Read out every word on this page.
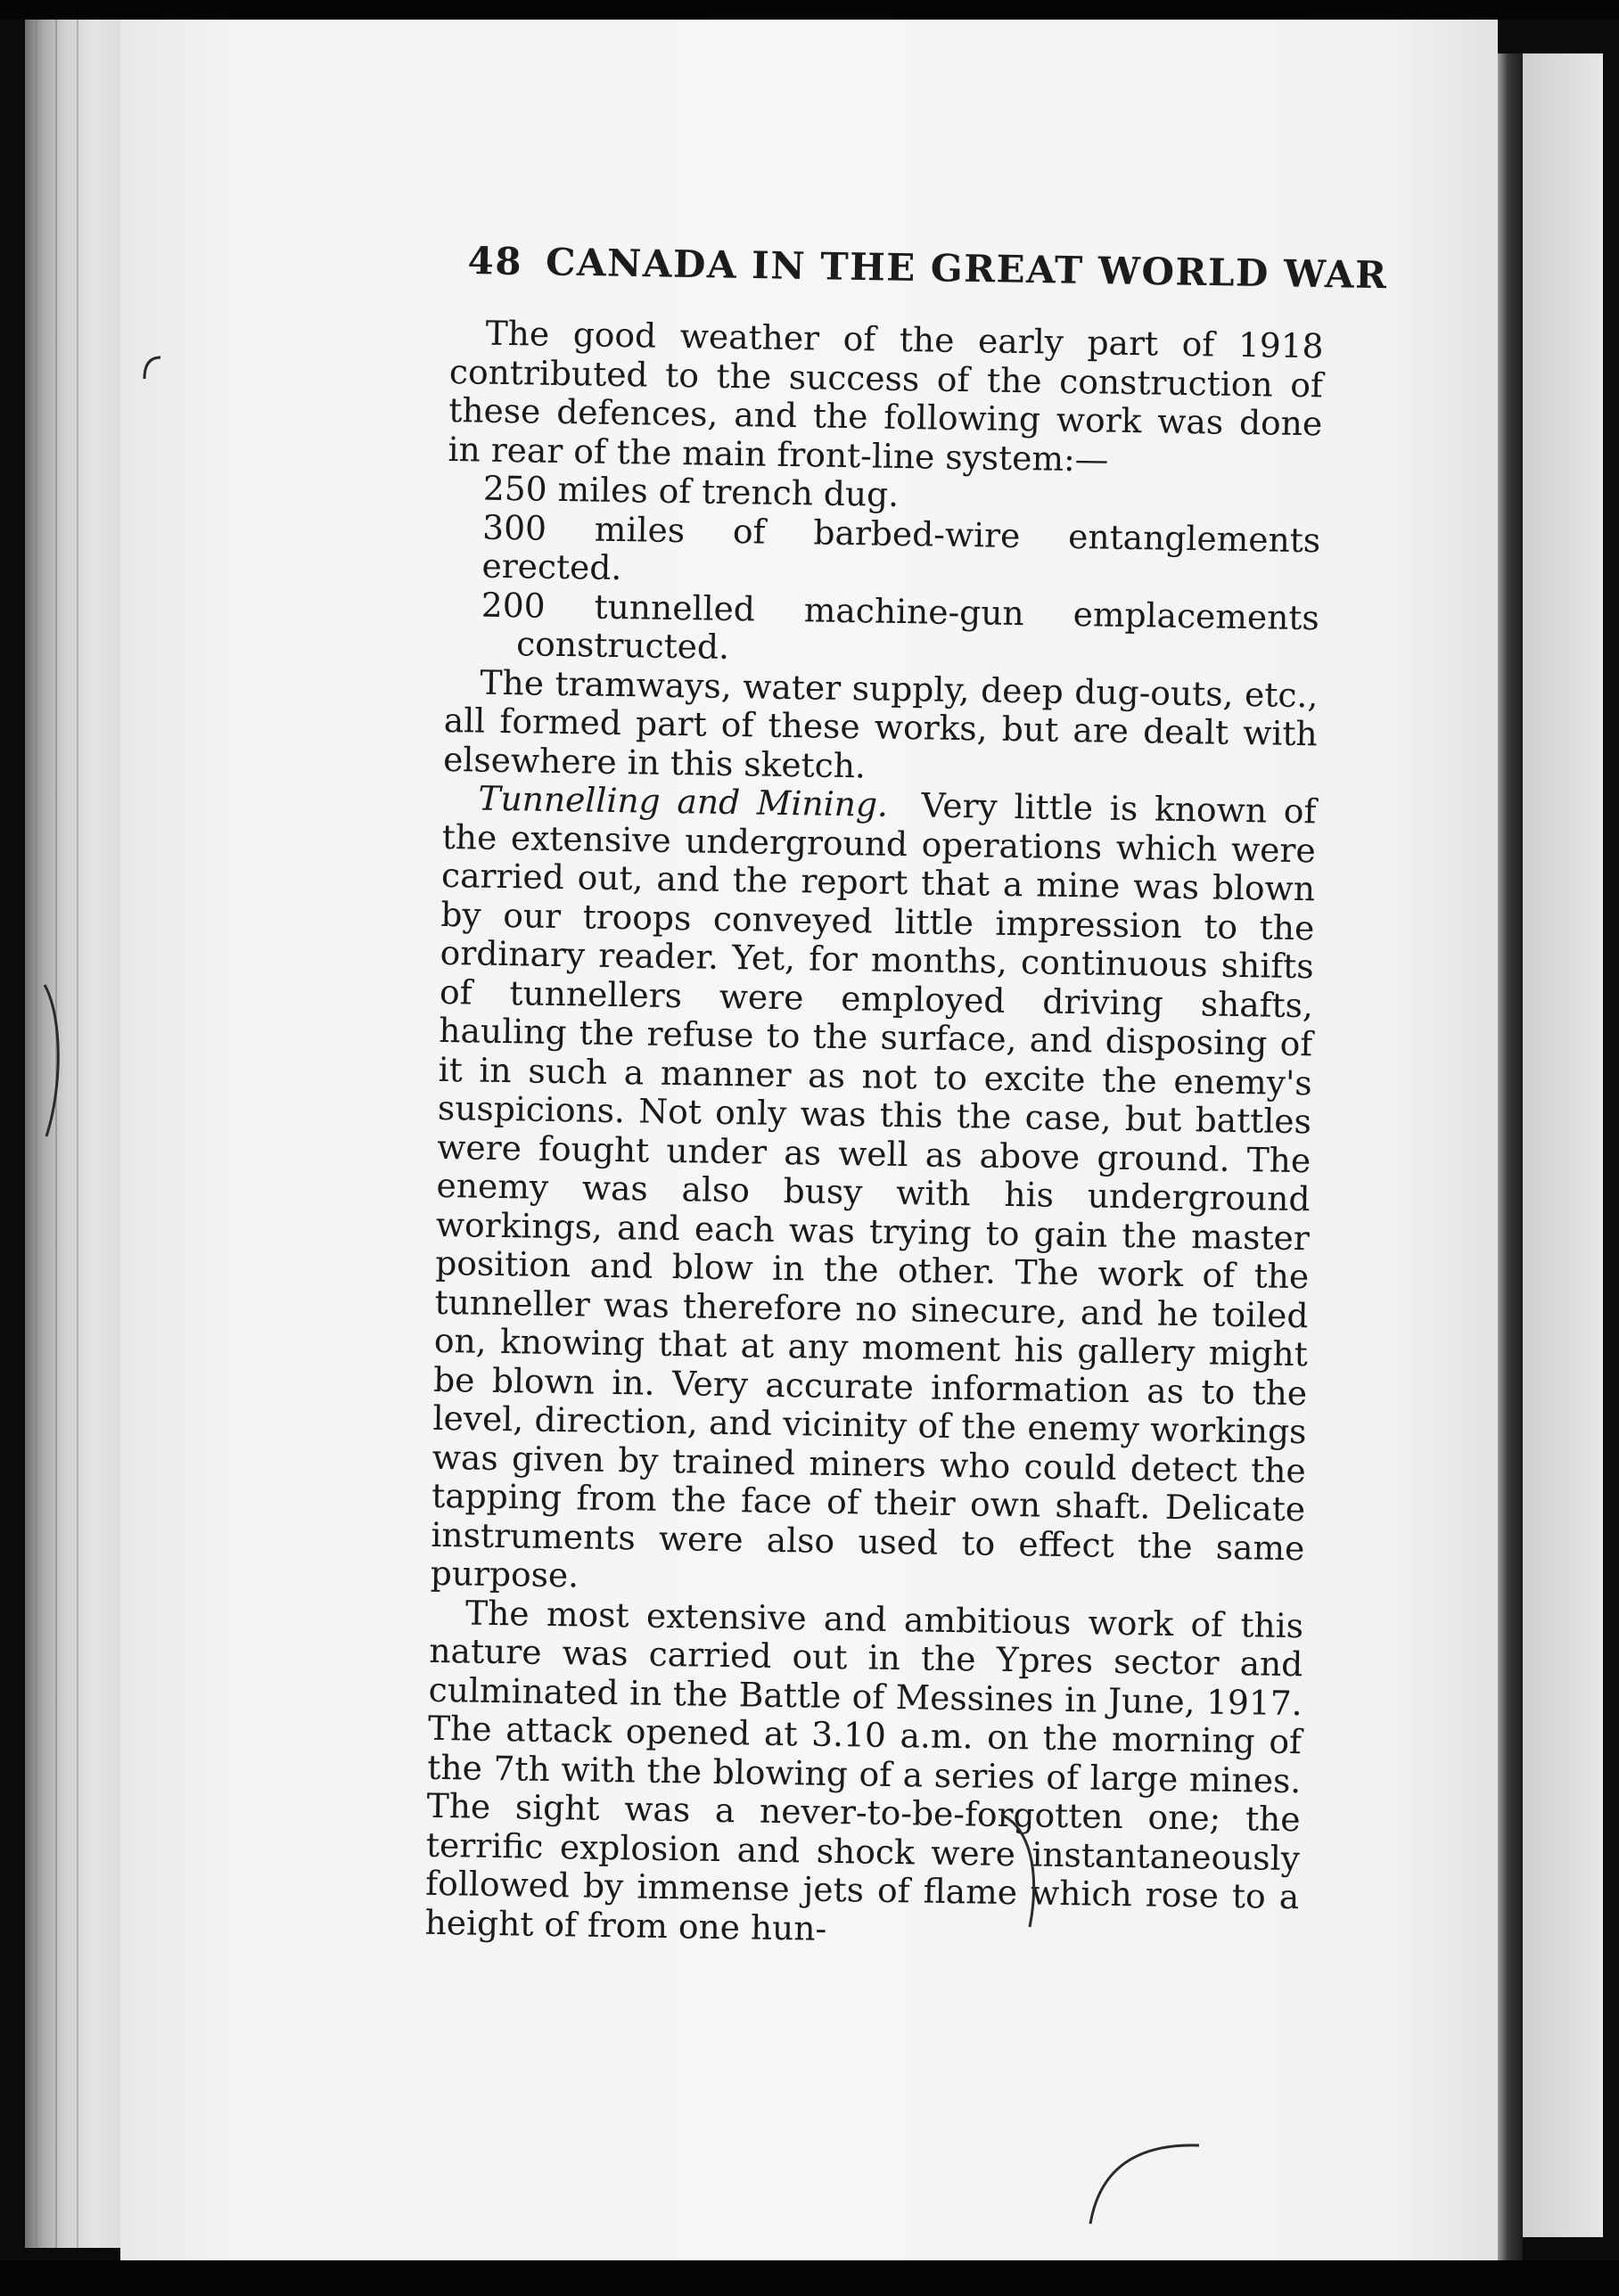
48 CANADA IN THE GREAT WORLD WAR

The good weather of the early part of 1918 contributed to the success of the construction of these defences, and the following work was done in rear of the main front-line system:—

250 miles of trench dug.

300 miles of barbed-wire entanglements erected.

200 tunnelled machine-gun emplacements constructed.

The tramways, water supply, deep dug-outs, etc., all formed part of these works, but are dealt with elsewhere in this sketch.

Tunnelling and Mining. Very little is known of the extensive underground operations which were carried out, and the report that a mine was blown by our troops conveyed little impression to the ordinary reader. Yet, for months, continuous shifts of tunnellers were employed driving shafts, hauling the refuse to the surface, and disposing of it in such a manner as not to excite the enemy's suspicions. Not only was this the case, but battles were fought under as well as above ground. The enemy was also busy with his underground workings, and each was trying to gain the master position and blow in the other. The work of the tunneller was therefore no sinecure, and he toiled on, knowing that at any moment his gallery might be blown in. Very accurate information as to the level, direction, and vicinity of the enemy workings was given by trained miners who could detect the tapping from the face of their own shaft. Delicate instruments were also used to effect the same purpose.

The most extensive and ambitious work of this nature was carried out in the Ypres sector and culminated in the Battle of Messines in June, 1917. The attack opened at 3.10 a.m. on the morning of the 7th with the blowing of a series of large mines. The sight was a never-to-be-forgotten one; the terrific explosion and shock were instantaneously followed by immense jets of flame which rose to a height of from one hun-
